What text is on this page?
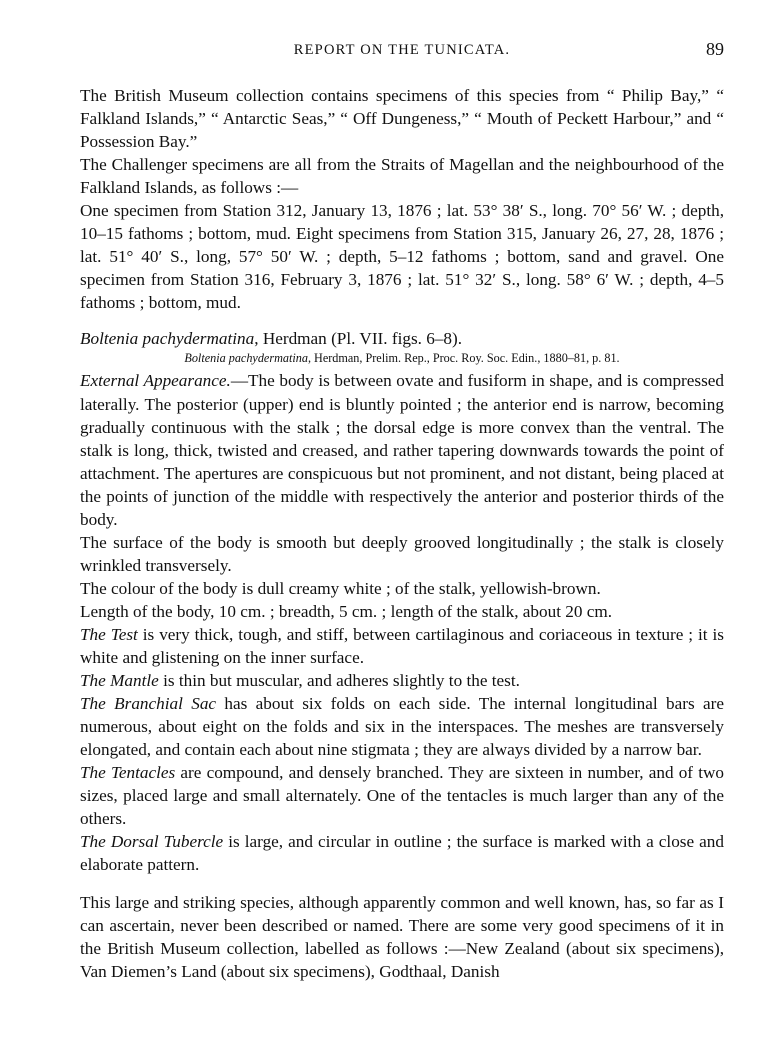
REPORT ON THE TUNICATA.	89

The British Museum collection contains specimens of this species from “ Philip Bay,” “ Falkland Islands,” “ Antarctic Seas,” “ Off Dungeness,” “ Mouth of Peckett Harbour,” and “ Possession Bay.”

The Challenger specimens are all from the Straits of Magellan and the neighbourhood of the Falkland Islands, as follows :—

One specimen from Station 312, January 13, 1876 ; lat. 53° 38′ S., long. 70° 56′ W. ; depth, 10–15 fathoms ; bottom, mud. Eight specimens from Station 315, January 26, 27, 28, 1876 ; lat. 51° 40′ S., long, 57° 50′ W. ; depth, 5–12 fathoms ; bottom, sand and gravel. One specimen from Station 316, February 3, 1876 ; lat. 51° 32′ S., long. 58° 6′ W. ; depth, 4–5 fathoms ; bottom, mud.

Boltenia pachydermatina, Herdman (Pl. VII. figs. 6–8).
Boltenia pachydermatina, Herdman, Prelim. Rep., Proc. Roy. Soc. Edin., 1880–81, p. 81.

External Appearance.—The body is between ovate and fusiform in shape, and is compressed laterally. The posterior (upper) end is bluntly pointed ; the anterior end is narrow, becoming gradually continuous with the stalk ; the dorsal edge is more convex than the ventral. The stalk is long, thick, twisted and creased, and rather tapering downwards towards the point of attachment. The apertures are conspicuous but not prominent, and not distant, being placed at the points of junction of the middle with respectively the anterior and posterior thirds of the body.

The surface of the body is smooth but deeply grooved longitudinally ; the stalk is closely wrinkled transversely.

The colour of the body is dull creamy white ; of the stalk, yellowish-brown.

Length of the body, 10 cm. ; breadth, 5 cm. ; length of the stalk, about 20 cm.

The Test is very thick, tough, and stiff, between cartilaginous and coriaceous in texture ; it is white and glistening on the inner surface.

The Mantle is thin but muscular, and adheres slightly to the test.

The Branchial Sac has about six folds on each side. The internal longitudinal bars are numerous, about eight on the folds and six in the interspaces. The meshes are transversely elongated, and contain each about nine stigmata ; they are always divided by a narrow bar.

The Tentacles are compound, and densely branched. They are sixteen in number, and of two sizes, placed large and small alternately. One of the tentacles is much larger than any of the others.

The Dorsal Tubercle is large, and circular in outline ; the surface is marked with a close and elaborate pattern.

This large and striking species, although apparently common and well known, has, so far as I can ascertain, never been described or named. There are some very good specimens of it in the British Museum collection, labelled as follows :—New Zealand (about six specimens), Van Diemen’s Land (about six specimens), Godthaal, Danish
